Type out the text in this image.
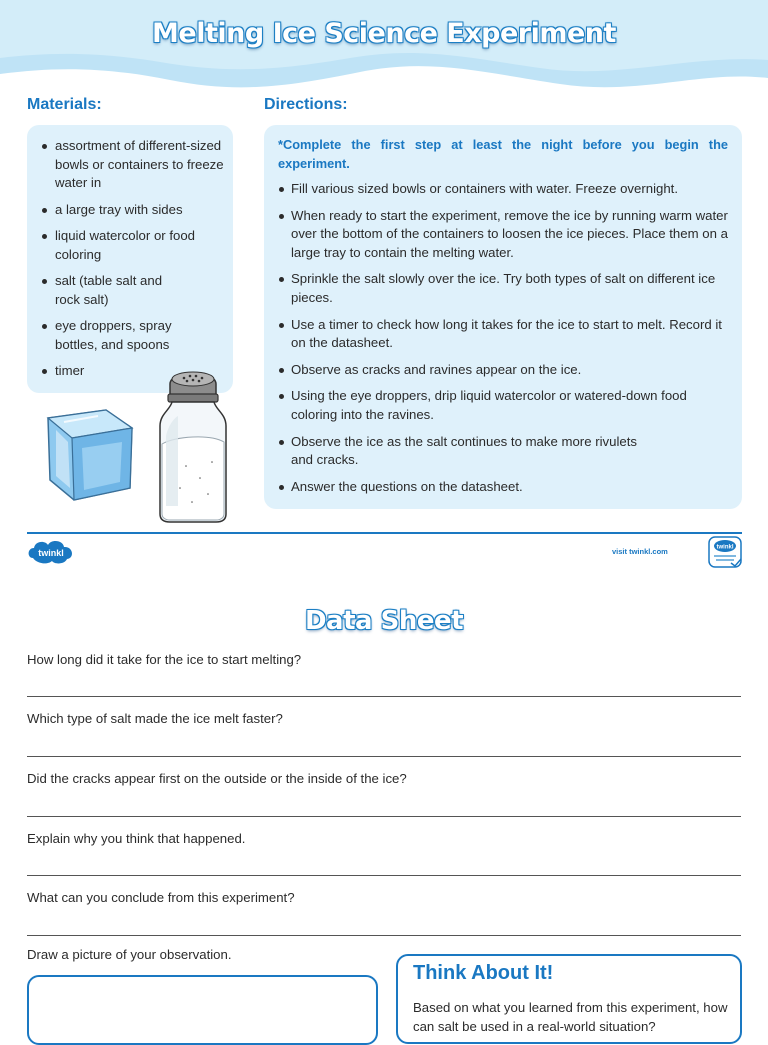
Melting Ice Science Experiment
Materials:
assortment of different-sized bowls or containers to freeze water in
a large tray with sides
liquid watercolor or food coloring
salt (table salt and rock salt)
eye droppers, spray bottles, and spoons
timer
Directions:
*Complete the first step at least the night before you begin the experiment.
Fill various sized bowls or containers with water. Freeze overnight.
When ready to start the experiment, remove the ice by running warm water over the bottom of the containers to loosen the ice pieces. Place them on a large tray to contain the melting water.
Sprinkle the salt slowly over the ice. Try both types of salt on different ice pieces.
Use a timer to check how long it takes for the ice to start to melt. Record it on the datasheet.
Observe as cracks and ravines appear on the ice.
Using the eye droppers, drip liquid watercolor or watered-down food coloring into the ravines.
Observe the ice as the salt continues to make more rivulets and cracks.
Answer the questions on the datasheet.
twinkl	visit twinkl.com	twinkl
Data Sheet
How long did it take for the ice to start melting?
Which type of salt made the ice melt faster?
Did the cracks appear first on the outside or the inside of the ice?
Explain why you think that happened.
What can you conclude from this experiment?
Draw a picture of your observation.
Think About It!
Based on what you learned from this experiment, how can salt be used in a real-world situation?
